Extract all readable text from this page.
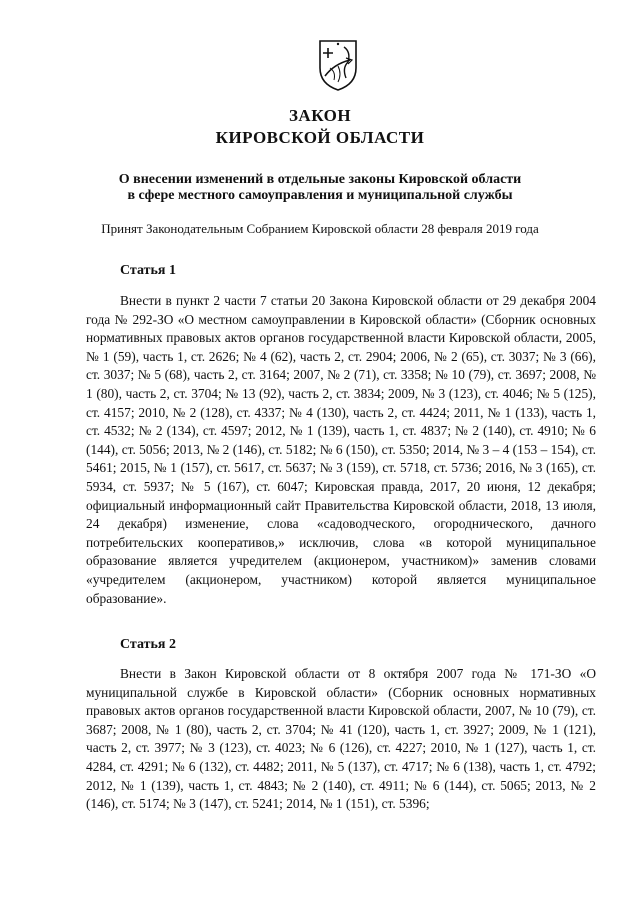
ЗАКОН
КИРОВСКОЙ ОБЛАСТИ
О внесении изменений в отдельные законы Кировской области
в сфере местного самоуправления и муниципальной службы
Принят Законодательным Собранием Кировской области 28 февраля 2019 года
Статья 1

Внести в пункт 2 части 7 статьи 20 Закона Кировской области от 29 декабря 2004 года № 292-ЗО «О местном самоуправлении в Кировской области» (Сборник основных нормативных правовых актов органов государственной власти Кировской области, 2005, № 1 (59), часть 1, ст. 2626; № 4 (62), часть 2, ст. 2904; 2006, № 2 (65), ст. 3037; № 3 (66), ст. 3037; № 5 (68), часть 2, ст. 3164; 2007, № 2 (71), ст. 3358; № 10 (79), ст. 3697; 2008, № 1 (80), часть 2, ст. 3704; № 13 (92), часть 2, ст. 3834; 2009, № 3 (123), ст. 4046; № 5 (125), ст. 4157; 2010, № 2 (128), ст. 4337; № 4 (130), часть 2, ст. 4424; 2011, № 1 (133), часть 1, ст. 4532; № 2 (134), ст. 4597; 2012, № 1 (139), часть 1, ст. 4837; № 2 (140), ст. 4910; № 6 (144), ст. 5056; 2013, № 2 (146), ст. 5182; № 6 (150), ст. 5350; 2014, № 3 – 4 (153 – 154), ст. 5461; 2015, № 1 (157), ст. 5617, ст. 5637; № 3 (159), ст. 5718, ст. 5736; 2016, № 3 (165), ст. 5934, ст. 5937; № 5 (167), ст. 6047; Кировская правда, 2017, 20 июня, 12 декабря; официальный информационный сайт Правительства Кировской области, 2018, 13 июля, 24 декабря) изменение, слова «садоводческого, огороднического, дачного потребительских кооперативов,» исключив, слова «в которой муниципальное образование является учредителем (акционером, участником)» заменив словами «учредителем (акционером, участником) которой является муниципальное образование».

Статья 2

Внести в Закон Кировской области от 8 октября 2007 года № 171-ЗО «О муниципальной службе в Кировской области» (Сборник основных нормативных правовых актов органов государственной власти Кировской области, 2007, № 10 (79), ст. 3687; 2008, № 1 (80), часть 2, ст. 3704; № 41 (120), часть 1, ст. 3927; 2009, № 1 (121), часть 2, ст. 3977; № 3 (123), ст. 4023; № 6 (126), ст. 4227; 2010, № 1 (127), часть 1, ст. 4284, ст. 4291; № 6 (132), ст. 4482; 2011, № 5 (137), ст. 4717; № 6 (138), часть 1, ст. 4792; 2012, № 1 (139), часть 1, ст. 4843; № 2 (140), ст. 4911; № 6 (144), ст. 5065; 2013, № 2 (146), ст. 5174; № 3 (147), ст. 5241; 2014, № 1 (151), ст. 5396;
